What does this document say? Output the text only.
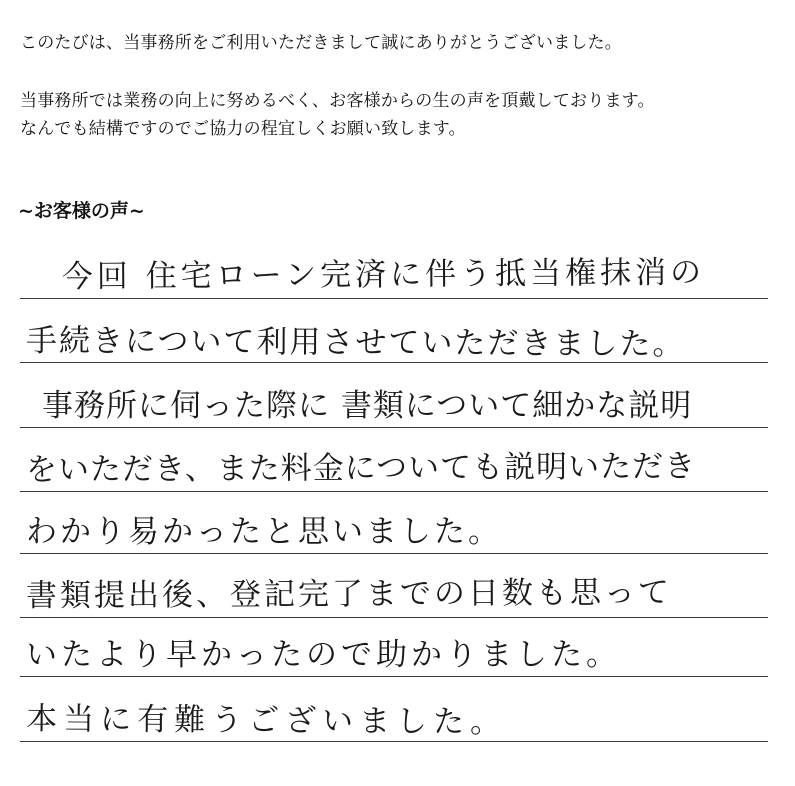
このたびは、当事務所をご利用いただきまして誠にありがとうございました。
当事務所では業務の向上に努めるべく、お客様からの生の声を頂戴しております。
なんでも結構ですのでご協力の程宜しくお願い致します。
~お客様の声~
今回 住宅ローン完済に伴う抵当権抹消の
手続きについて利用させていただきました。
事務所に伺った際に 書類について細かな説明
をいただき、また料金についても説明いただき
わかり易かったと思いました。
書類提出後、登記完了までの日数も思って
いたより早かったので助かりました。
本当に有難うございました。
